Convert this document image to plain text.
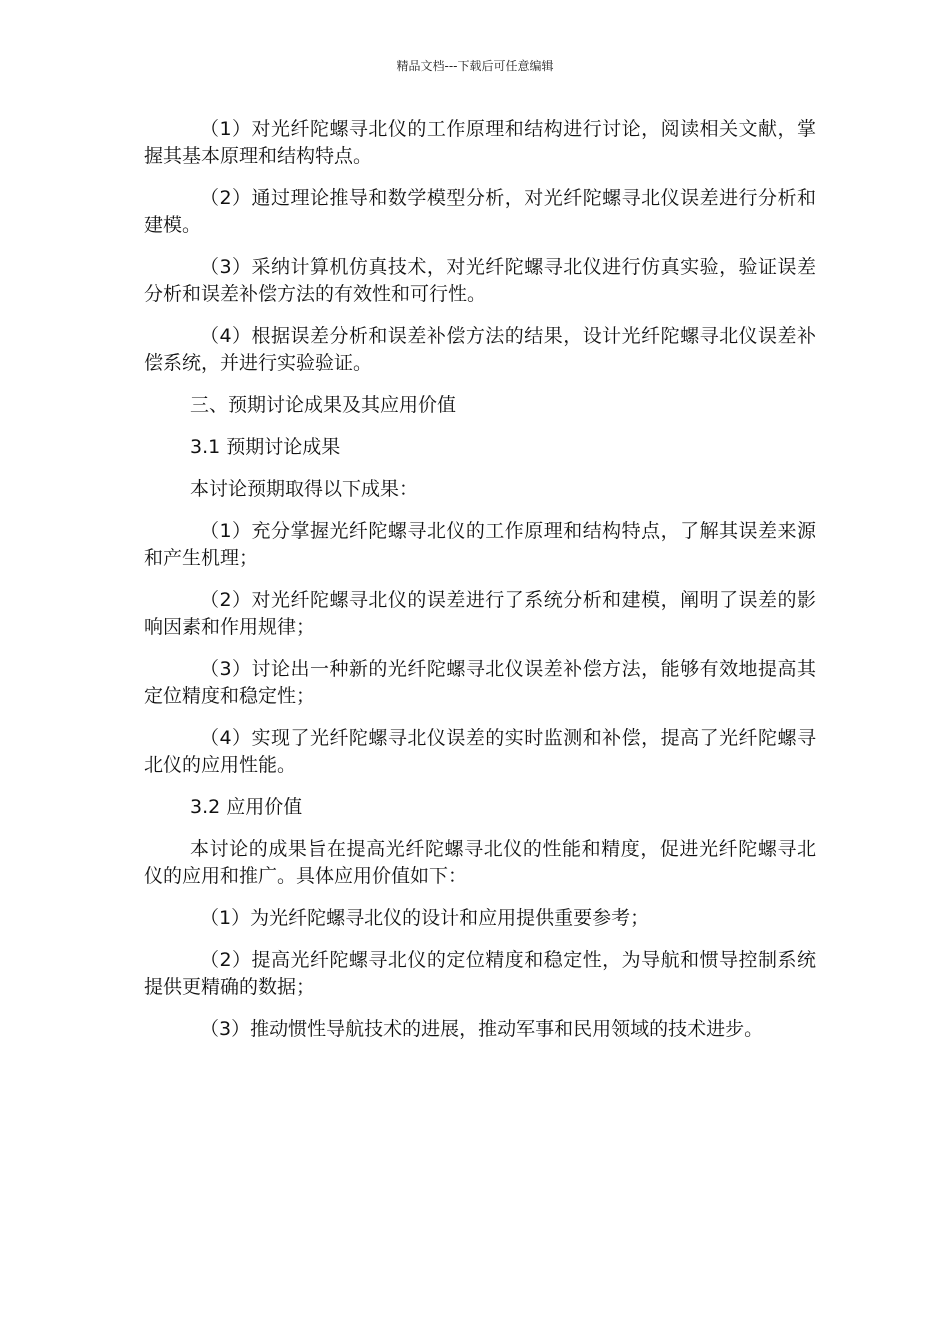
精品文档---下载后可任意编辑

（1）对光纤陀螺寻北仪的工作原理和结构进行讨论，阅读相关文献，掌握其基本原理和结构特点。

（2）通过理论推导和数学模型分析，对光纤陀螺寻北仪误差进行分析和建模。

（3）采纳计算机仿真技术，对光纤陀螺寻北仪进行仿真实验，验证误差分析和误差补偿方法的有效性和可行性。

（4）根据误差分析和误差补偿方法的结果，设计光纤陀螺寻北仪误差补偿系统，并进行实验验证。

三、预期讨论成果及其应用价值

3.1 预期讨论成果

本讨论预期取得以下成果：

（1）充分掌握光纤陀螺寻北仪的工作原理和结构特点，了解其误差来源和产生机理；

（2）对光纤陀螺寻北仪的误差进行了系统分析和建模，阐明了误差的影响因素和作用规律；

（3）讨论出一种新的光纤陀螺寻北仪误差补偿方法，能够有效地提高其定位精度和稳定性；

（4）实现了光纤陀螺寻北仪误差的实时监测和补偿，提高了光纤陀螺寻北仪的应用性能。

3.2 应用价值

本讨论的成果旨在提高光纤陀螺寻北仪的性能和精度，促进光纤陀螺寻北仪的应用和推广。具体应用价值如下：

（1）为光纤陀螺寻北仪的设计和应用提供重要参考；

（2）提高光纤陀螺寻北仪的定位精度和稳定性，为导航和惯导控制系统提供更精确的数据；

（3）推动惯性导航技术的进展，推动军事和民用领域的技术进步。
